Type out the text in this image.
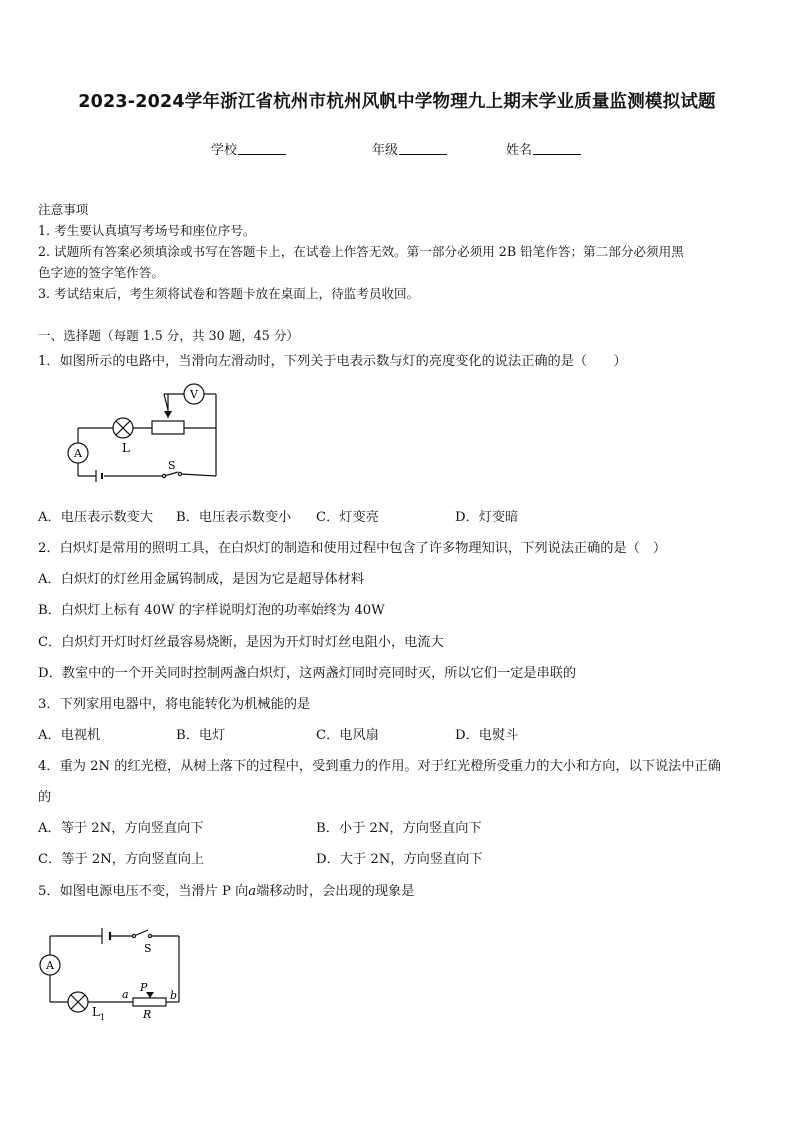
2023-2024学年浙江省杭州市杭州风帆中学物理九上期末学业质量监测模拟试题
学校	年级	姓名
注意事项
1. 考生要认真填写考场号和座位序号。
2. 试题所有答案必须填涂或书写在答题卡上，在试卷上作答无效。第一部分必须用 2B 铅笔作答；第二部分必须用黑
色字迹的签字笔作答。
3. 考试结束后，考生须将试卷和答题卡放在桌面上，待监考员收回。
一、选择题（每题 1.5 分，共 30 题，45 分）
1．如图所示的电路中，当滑向左滑动时，下列关于电表示数与灯的亮度变化的说法正确的是（　　）
V
A	L
S
A．电压表示数变大 B．电压表示数变小 C．灯变亮	D．灯变暗
2．白炽灯是常用的照明工具，在白炽灯的制造和使用过程中包含了许多物理知识，下列说法正确的是（　）
A．白炽灯的灯丝用金属钨制成，是因为它是超导体材料
B．白炽灯上标有 40W 的字样说明灯泡的功率始终为 40W
C．白炽灯开灯时灯丝最容易烧断，是因为开灯时灯丝电阻小，电流大
D．教室中的一个开关同时控制两盏白炽灯，这两盏灯同时亮同时灭，所以它们一定是串联的
3．下列家用电器中，将电能转化为机械能的是
A．电视机	B．电灯	C．电风扇	D．电熨斗
4．重为 2N 的红光橙，从树上落下的过程中，受到重力的作用。对于红光橙所受重力的大小和方向，以下说法中正确
的
A．等于 2N，方向竖直向下	B．小于 2N，方向竖直向下
C．等于 2N，方向竖直向上	D．大于 2N，方向竖直向下
5．如图电源电压不变，当滑片 P 向a端移动时，会出现的现象是
A
S
a	b
P
R
L 1
